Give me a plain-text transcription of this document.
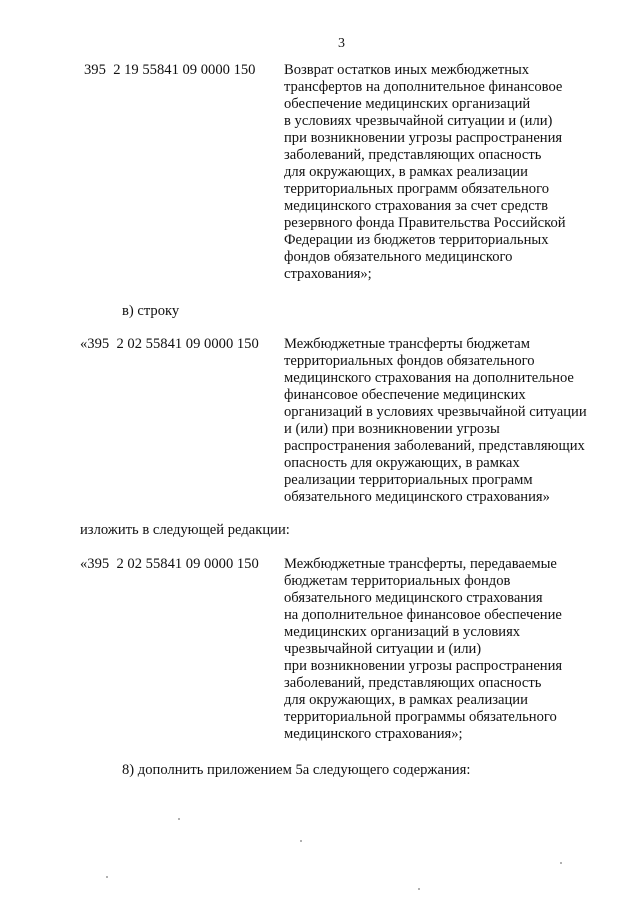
3
395  2 19 55841 09 0000 150 Возврат остатков иных межбюджетных
трансфертов на дополнительное финансовое
обеспечение медицинских организаций
в условиях чрезвычайной ситуации и (или)
при возникновении угрозы распространения
заболеваний, представляющих опасность
для окружающих, в рамках реализации
территориальных программ обязательного
медицинского страхования за счет средств
резервного фонда Правительства Российской
Федерации из бюджетов территориальных
фондов обязательного медицинского
страхования»;
в) строку
«395  2 02 55841 09 0000 150 Межбюджетные трансферты бюджетам
территориальных фондов обязательного
медицинского страхования на дополнительное
финансовое обеспечение медицинских
организаций в условиях чрезвычайной ситуации
и (или) при возникновении угрозы
распространения заболеваний, представляющих
опасность для окружающих, в рамках
реализации территориальных программ
обязательного медицинского страхования»
изложить в следующей редакции:
«395  2 02 55841 09 0000 150 Межбюджетные трансферты, передаваемые
бюджетам территориальных фондов
обязательного медицинского страхования
на дополнительное финансовое обеспечение
медицинских организаций в условиях
чрезвычайной ситуации и (или)
при возникновении угрозы распространения
заболеваний, представляющих опасность
для окружающих, в рамках реализации
территориальной программы обязательного
медицинского страхования»;
8) дополнить приложением 5а следующего содержания:
